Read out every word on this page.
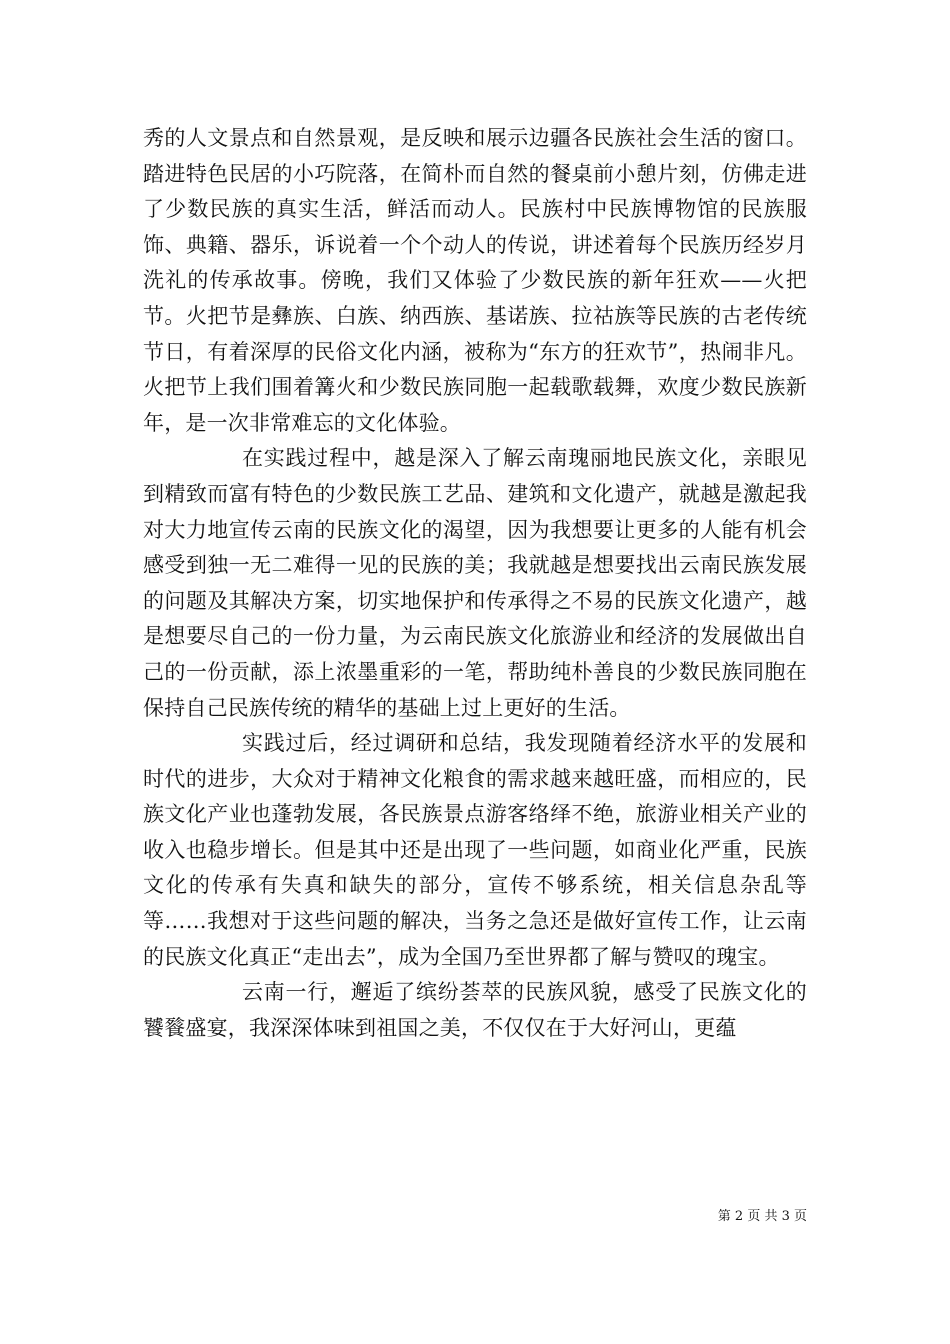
秀的人文景点和自然景观，是反映和展示边疆各民族社会生活的窗口。踏进特色民居的小巧院落，在简朴而自然的餐桌前小憩片刻，仿佛走进了少数民族的真实生活，鲜活而动人。民族村中民族博物馆的民族服饰、典籍、器乐，诉说着一个个动人的传说，讲述着每个民族历经岁月洗礼的传承故事。傍晚，我们又体验了少数民族的新年狂欢——火把节。火把节是彝族、白族、纳西族、基诺族、拉祜族等民族的古老传统节日，有着深厚的民俗文化内涵，被称为“东方的狂欢节”，热闹非凡。火把节上我们围着篝火和少数民族同胞一起载歌载舞，欢度少数民族新年，是一次非常难忘的文化体验。

在实践过程中，越是深入了解云南瑰丽地民族文化，亲眼见到精致而富有特色的少数民族工艺品、建筑和文化遗产，就越是激起我对大力地宣传云南的民族文化的渴望，因为我想要让更多的人能有机会感受到独一无二难得一见的民族的美；我就越是想要找出云南民族发展的问题及其解决方案，切实地保护和传承得之不易的民族文化遗产，越是想要尽自己的一份力量，为云南民族文化旅游业和经济的发展做出自己的一份贡献，添上浓墨重彩的一笔，帮助纯朴善良的少数民族同胞在保持自己民族传统的精华的基础上过上更好的生活。

实践过后，经过调研和总结，我发现随着经济水平的发展和时代的进步，大众对于精神文化粮食的需求越来越旺盛，而相应的，民族文化产业也蓬勃发展，各民族景点游客络绎不绝，旅游业相关产业的收入也稳步增长。但是其中还是出现了一些问题，如商业化严重，民族文化的传承有失真和缺失的部分，宣传不够系统，相关信息杂乱等等……我想对于这些问题的解决，当务之急还是做好宣传工作，让云南的民族文化真正“走出去”，成为全国乃至世界都了解与赞叹的瑰宝。

云南一行，邂逅了缤纷荟萃的民族风貌，感受了民族文化的饕餮盛宴，我深深体味到祖国之美，不仅仅在于大好河山，更蕴

第 2 页 共 3 页
